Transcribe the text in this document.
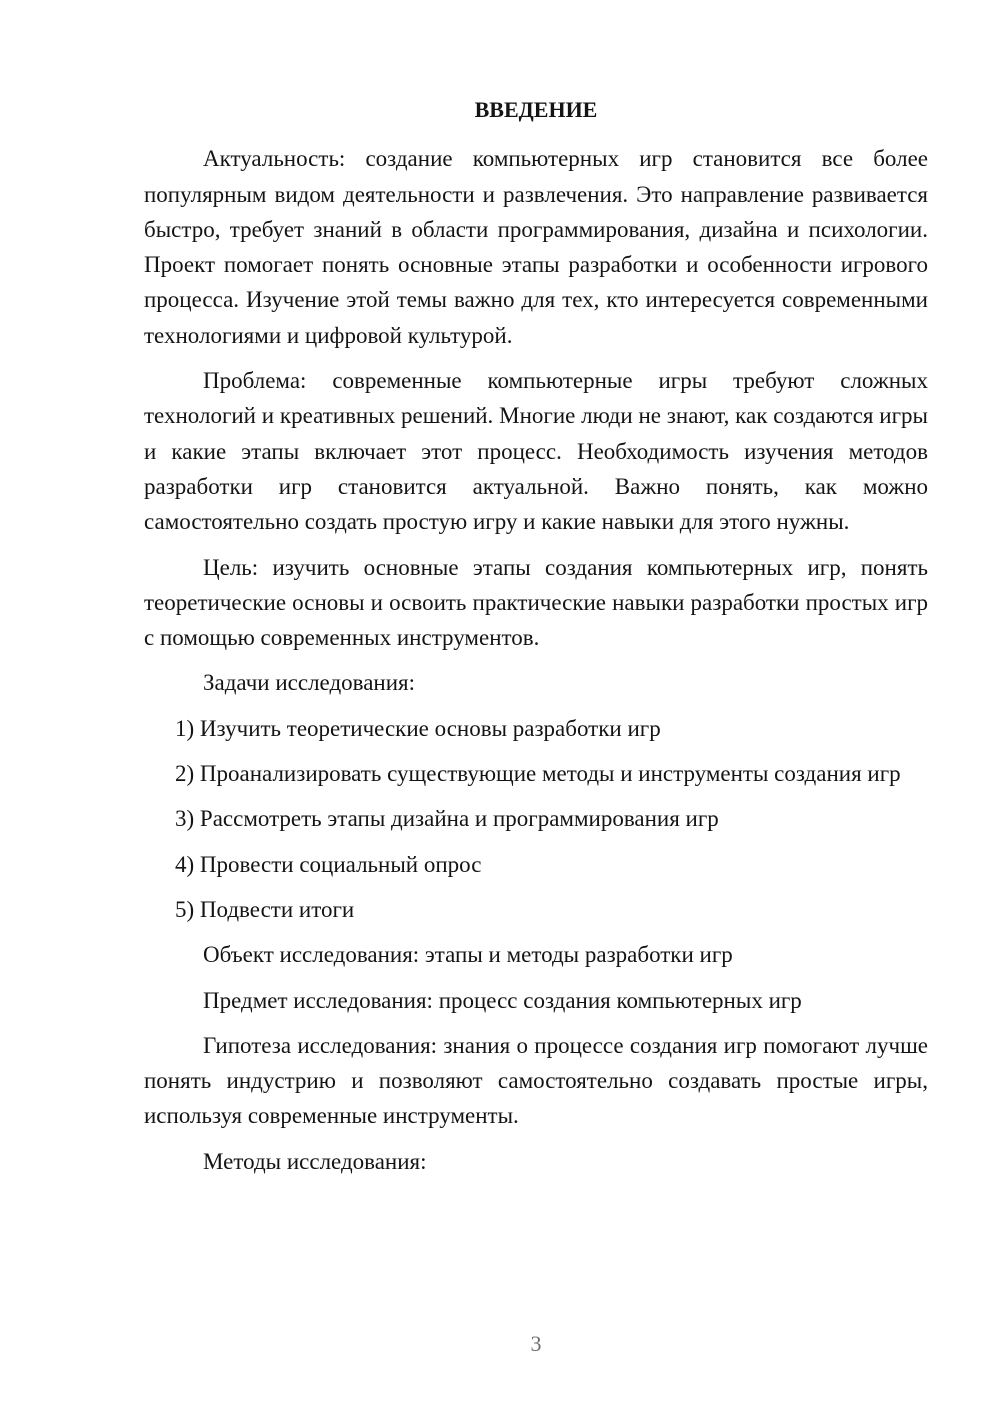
ВВЕДЕНИЕ

Актуальность: создание компьютерных игр становится все более популярным видом деятельности и развлечения. Это направление развивается быстро, требует знаний в области программирования, дизайна и психологии. Проект помогает понять основные этапы разработки и особенности игрового процесса. Изучение этой темы важно для тех, кто интересуется современными технологиями и цифровой культурой.

Проблема: современные компьютерные игры требуют сложных технологий и креативных решений. Многие люди не знают, как создаются игры и какие этапы включает этот процесс. Необходимость изучения методов разработки игр становится актуальной. Важно понять, как можно самостоятельно создать простую игру и какие навыки для этого нужны.

Цель: изучить основные этапы создания компьютерных игр, понять теоретические основы и освоить практические навыки разработки простых игр с помощью современных инструментов.

Задачи исследования:

1) Изучить теоретические основы разработки игр

2) Проанализировать существующие методы и инструменты создания игр

3) Рассмотреть этапы дизайна и программирования игр

4) Провести социальный опрос

5) Подвести итоги

Объект исследования: этапы и методы разработки игр

Предмет исследования: процесс создания компьютерных игр

Гипотеза исследования: знания о процессе создания игр помогают лучше понять индустрию и позволяют самостоятельно создавать простые игры, используя современные инструменты.

Методы исследования:

3
